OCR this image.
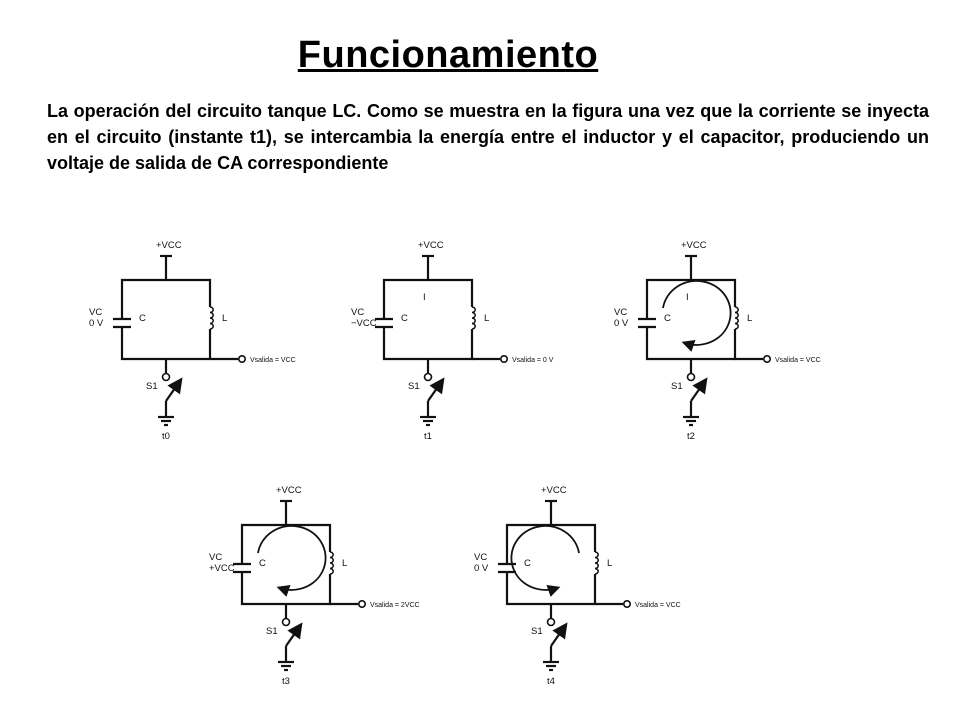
Funcionamiento

La operación del circuito tanque LC. Como se muestra en la figura una vez que la corriente se inyecta en el circuito (instante t1), se intercambia la energía entre el inductor y el capacitor, produciendo un voltaje de salida de CA correspondiente

+VCC
C
VC
0 V	L
Vsalida = VCC
S1
t0
+VCC
C
VC
−VCC	L
Vsalida = 0 V
S1
t1
I
+VCC
C
VC
0 V	L
Vsalida = VCC
S1
t2
I
+VCC
C
VC
+VCC	L
Vsalida = 2VCC
S1
t3
+VCC
C
VC
0 V	L
Vsalida = VCC
S1
t4
